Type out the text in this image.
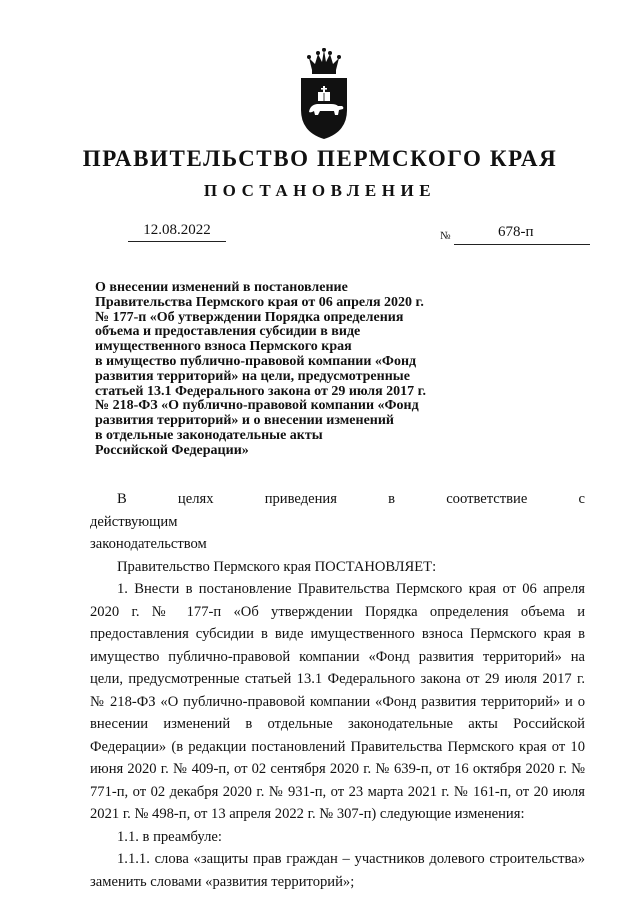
ПРАВИТЕЛЬСТВО ПЕРМСКОГО КРАЯ
ПОСТАНОВЛЕНИЕ
12.08.2022	№	678-п
О внесении изменений в постановление
Правительства Пермского края от 06 апреля 2020 г.
№ 177-п «Об утверждении Порядка определения
объема и предоставления субсидии в виде
имущественного взноса Пермского края
в имущество публично-правовой компании «Фонд
развития территорий» на цели, предусмотренные
статьей 13.1 Федерального закона от 29 июля 2017 г.
№ 218-ФЗ «О публично-правовой компании «Фонд
развития территорий» и о внесении изменений
в отдельные законодательные акты
Российской Федерации»

В целях приведения в соответствие с действующим

законодательством

Правительство Пермского края ПОСТАНОВЛЯЕТ:

1. Внести в постановление Правительства Пермского края от 06 апреля 2020 г. № 177-п «Об утверждении Порядка определения объема и предоставления субсидии в виде имущественного взноса Пермского края в имущество публично-правовой компании «Фонд развития территорий» на цели, предусмотренные статьей 13.1 Федерального закона от 29 июля 2017 г. № 218-ФЗ «О публично-правовой компании «Фонд развития территорий» и о внесении изменений в отдельные законодательные акты Российской Федерации» (в редакции постановлений Правительства Пермского края от 10 июня 2020 г. № 409-п, от 02 сентября 2020 г. № 639-п, от 16 октября 2020 г. № 771-п, от 02 декабря 2020 г. № 931-п, от 23 марта 2021 г. № 161-п, от 20 июля 2021 г. № 498-п, от 13 апреля 2022 г. № 307-п) следующие изменения:

1.1. в преамбуле:

1.1.1. слова «защиты прав граждан – участников долевого строительства» заменить словами «развития территорий»;
